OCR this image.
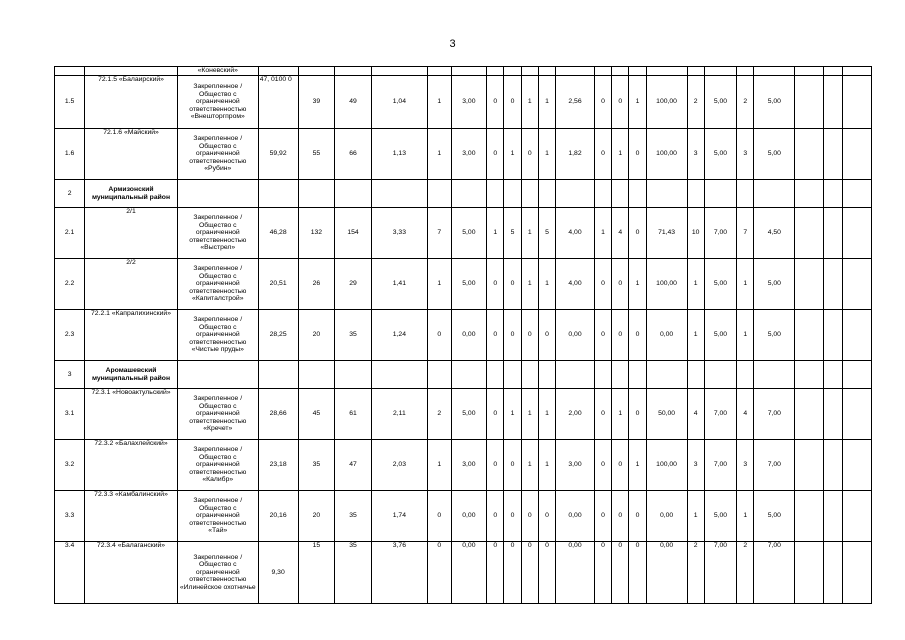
3
		«Коневский»																						
1.5	72.1.5 «Балаирский»	Закрепленное / Общество с ограниченной ответственностью «Внешторгпром»	47, 0100 0	39	49	1,04	1	3,00	0	0	1	1	2,56	0	0	1	100,00	2	5,00	2	5,00			
1.6	72.1.6 «Майский»	Закрепленное / Общество с ограниченной ответственностью «Рубин»	59,92	55	66	1,13	1	3,00	0	1	0	1	1,82	0	1	0	100,00	3	5,00	3	5,00			
2	Армизонский муниципальный район																							
2.1	2/1	Закрепленное / Общество с ограниченной ответственностью «Выстрел»	46,28	132	154	3,33	7	5,00	1	5	1	5	4,00	1	4	0	71,43	10	7,00	7	4,50			
2.2	2/2	Закрепленное / Общество с ограниченной ответственностью «Капиталстрой»	20,51	26	29	1,41	1	5,00	0	0	1	1	4,00	0	0	1	100,00	1	5,00	1	5,00			
2.3	72.2.1 «Капралихинский»	Закрепленное / Общество с ограниченной ответственностью «Чистые пруды»	28,25	20	35	1,24	0	0,00	0	0	0	0	0,00	0	0	0	0,00	1	5,00	1	5,00			
3	Аромашевский муниципальный район																							
3.1	72.3.1 «Новоактульский»	Закрепленное / Общество с ограниченной ответственностью «Кречет»	28,66	45	61	2,11	2	5,00	0	1	1	1	2,00	0	1	0	50,00	4	7,00	4	7,00			
3.2	72.3.2 «Балахлейский»	Закрепленное / Общество с ограниченной ответственностью «Калибр»	23,18	35	47	2,03	1	3,00	0	0	1	1	3,00	0	0	1	100,00	3	7,00	3	7,00			
3.3	72.3.3 «Камбалинский»	Закрепленное / Общество с ограниченной ответственностью «Тай»	20,16	20	35	1,74	0	0,00	0	0	0	0	0,00	0	0	0	0,00	1	5,00	1	5,00			
3.4	72.3.4 «Балаганский»	Закрепленное / Общество с ограниченной ответственностью «Илинейское охотничье	9,30	15	35	3,76	0	0,00	0	0	0	0	0,00	0	0	0	0,00	2	7,00	2	7,00			
